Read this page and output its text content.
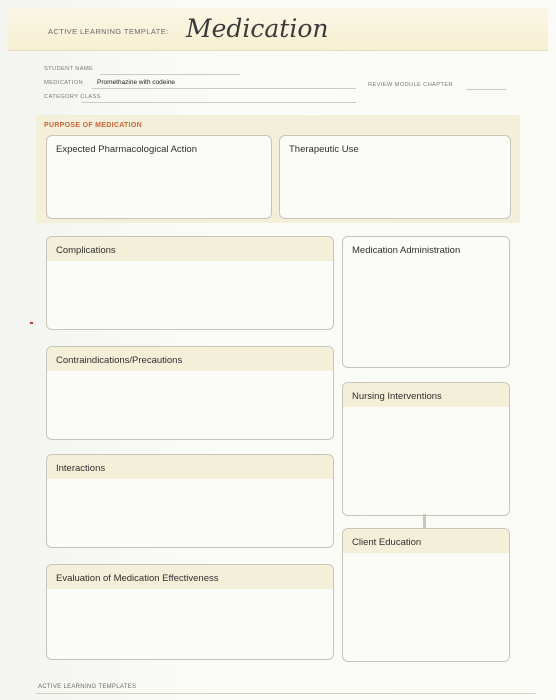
ACTIVE LEARNING TEMPLATE: Medication
STUDENT NAME
MEDICATION Promethazine with codeine
CATEGORY CLASS
REVIEW MODULE CHAPTER
PURPOSE OF MEDICATION
Expected Pharmacological Action	Therapeutic Use
Complications
Contraindications/Precautions
Interactions
Evaluation of Medication Effectiveness
Medication Administration
Nursing Interventions
Client Education
ACTIVE LEARNING TEMPLATES
